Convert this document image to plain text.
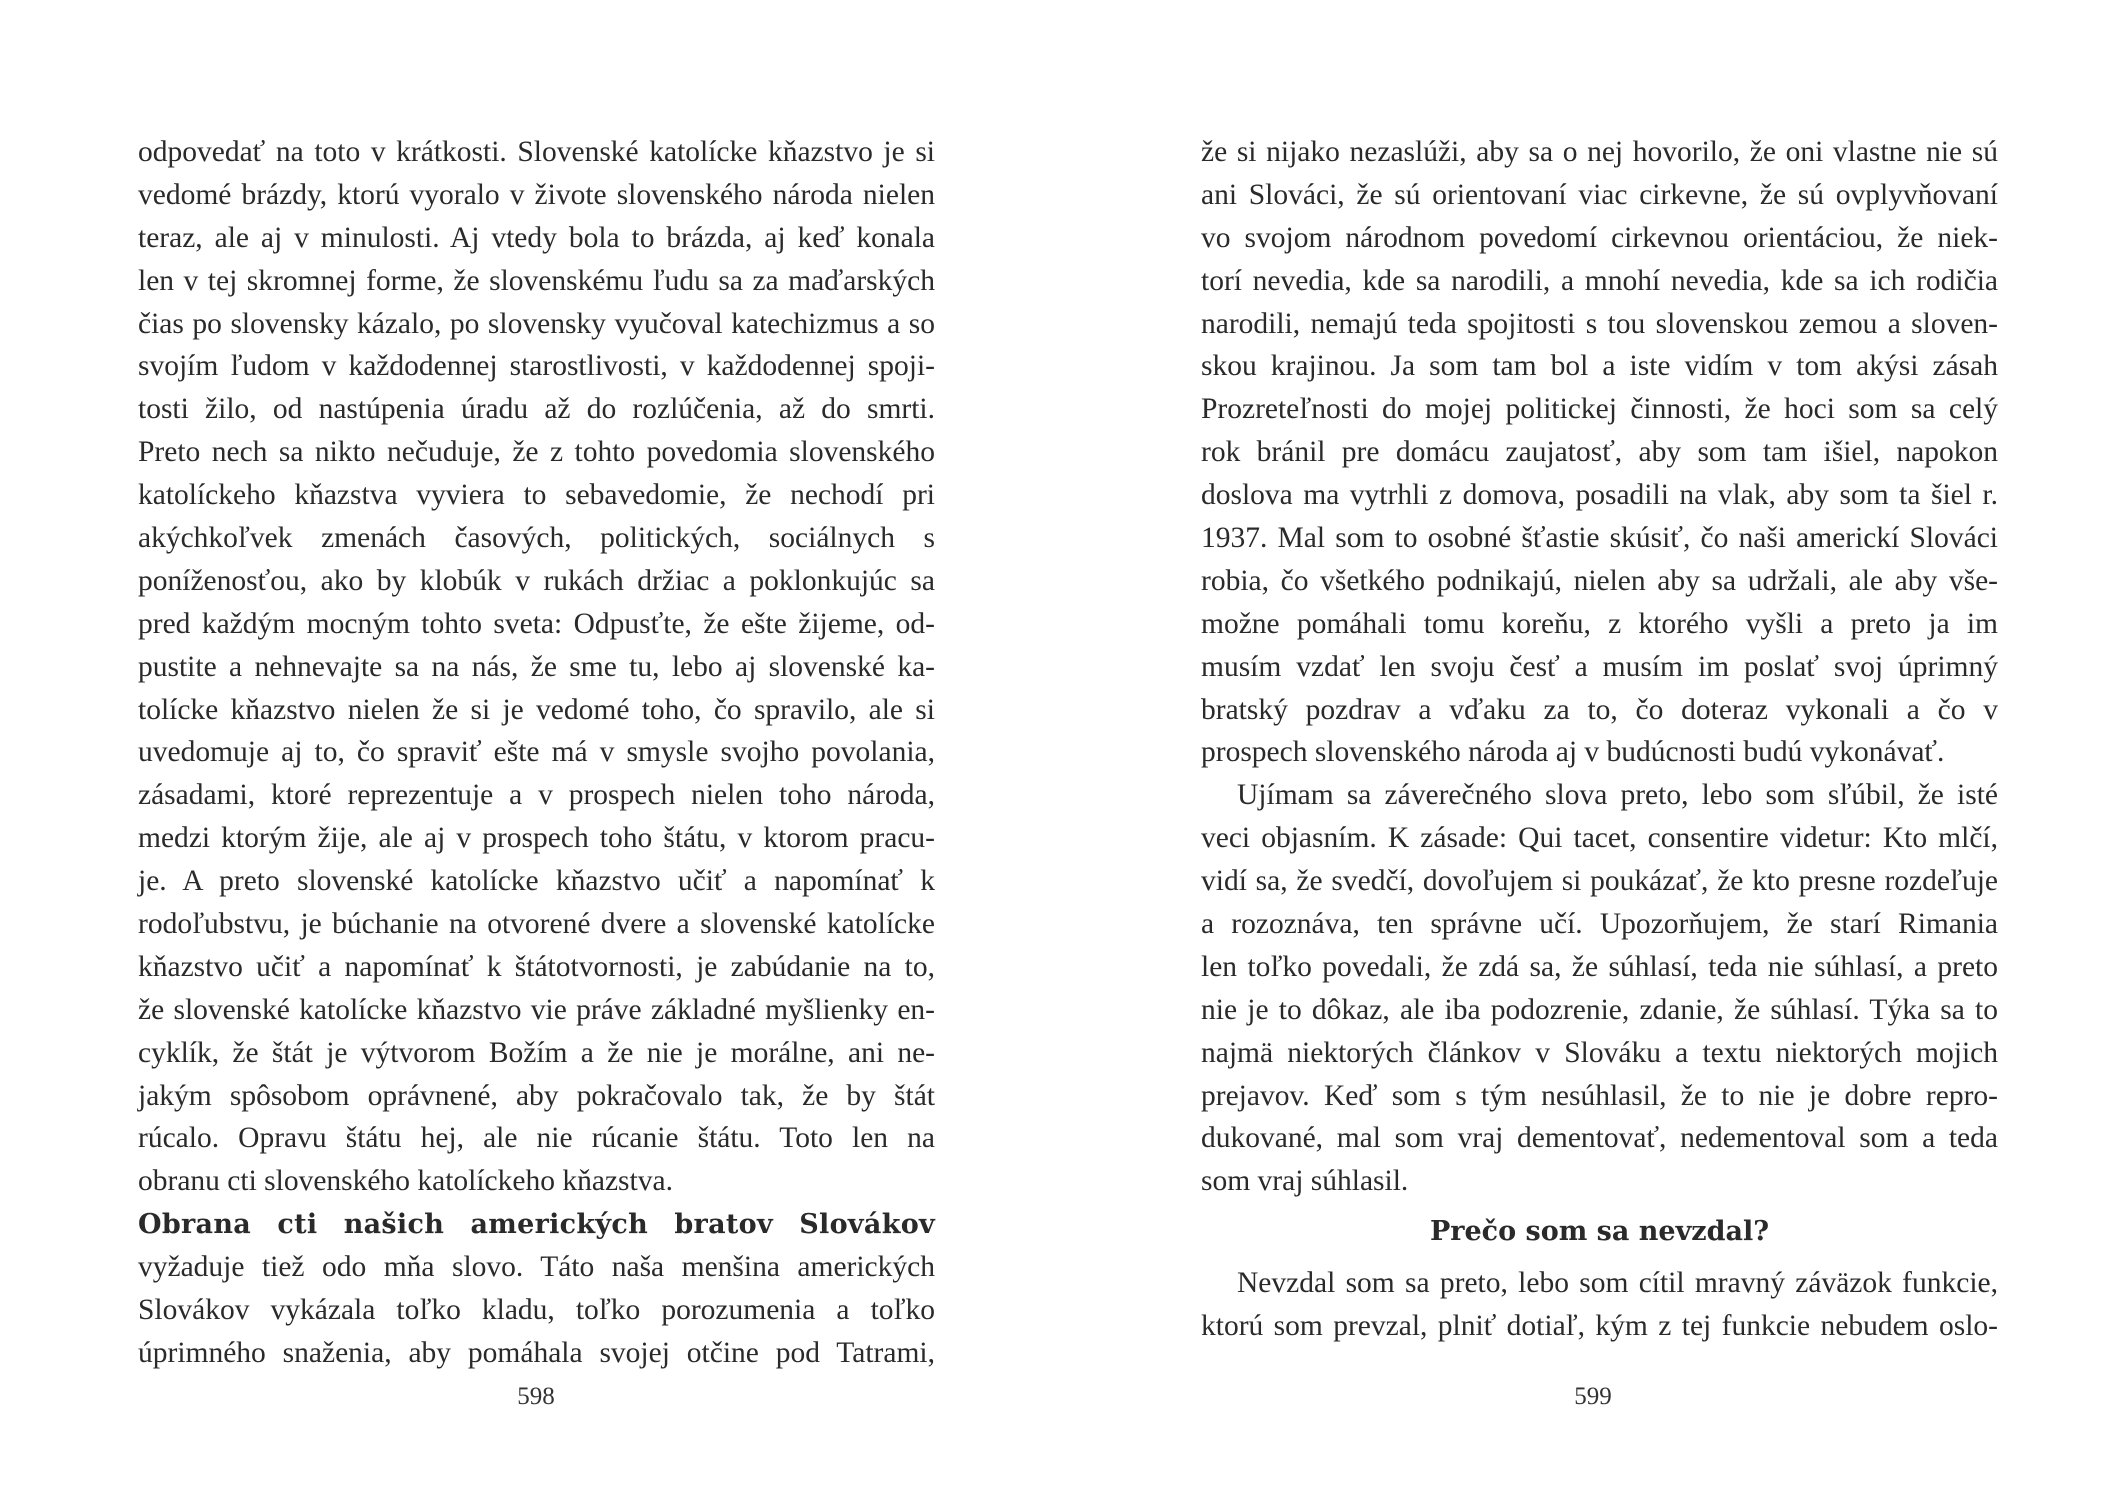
odpovedať na toto v krátkosti. Slovenské katolícke kňazstvo je si
vedomé brázdy, ktorú vyoralo v živote slovenského národa nielen
teraz, ale aj v minulosti. Aj vtedy bola to brázda, aj keď konala
len v tej skromnej forme, že slovenskému ľudu sa za maďarských
čias po slovensky kázalo, po slovensky vyučoval katechizmus a so
svojím ľudom v každodennej starostlivosti, v každodennej spoji-
tosti žilo, od nastúpenia úradu až do rozlúčenia, až do smrti.
Preto nech sa nikto nečuduje, že z tohto povedomia slovenského
katolíckeho kňazstva vyviera to sebavedomie, že nechodí pri
akýchkoľvek zmenách časových, politických, sociálnych s
poníženosťou, ako by klobúk v rukách držiac a poklonkujúc sa
pred každým mocným tohto sveta: Odpusťte, že ešte žijeme, od-
pustite a nehnevajte sa na nás, že sme tu, lebo aj slovenské ka-
tolícke kňazstvo nielen že si je vedomé toho, čo spravilo, ale si
uvedomuje aj to, čo spraviť ešte má v smysle svojho povolania,
zásadami, ktoré reprezentuje a v prospech nielen toho národa,
medzi ktorým žije, ale aj v prospech toho štátu, v ktorom pracu-
je. A preto slovenské katolícke kňazstvo učiť a napomínať k
rodoľubstvu, je búchanie na otvorené dvere a slovenské katolícke
kňazstvo učiť a napomínať k štátotvornosti, je zabúdanie na to,
že slovenské katolícke kňazstvo vie práve základné myšlienky en-
cyklík, že štát je výtvorom Božím a že nie je morálne, ani ne-
jakým spôsobom oprávnené, aby pokračovalo tak, že by štát
rúcalo. Opravu štátu hej, ale nie rúcanie štátu. Toto len na
obranu cti slovenského katolíckeho kňazstva.
Obrana cti našich amerických bratov Slovákov
vyžaduje tiež odo mňa slovo. Táto naša menšina amerických
Slovákov vykázala toľko kladu, toľko porozumenia a toľko
úprimného snaženia, aby pomáhala svojej otčine pod Tatrami,
598
že si nijako nezaslúži, aby sa o nej hovorilo, že oni vlastne nie sú
ani Slováci, že sú orientovaní viac cirkevne, že sú ovplyvňovaní
vo svojom národnom povedomí cirkevnou orientáciou, že niek-
torí nevedia, kde sa narodili, a mnohí nevedia, kde sa ich rodičia
narodili, nemajú teda spojitosti s tou slovenskou zemou a sloven-
skou krajinou. Ja som tam bol a iste vidím v tom akýsi zásah
Prozreteľnosti do mojej politickej činnosti, že hoci som sa celý
rok bránil pre domácu zaujatosť, aby som tam išiel, napokon
doslova ma vytrhli z domova, posadili na vlak, aby som ta šiel r.
1937. Mal som to osobné šťastie skúsiť, čo naši americkí Slováci
robia, čo všetkého podnikajú, nielen aby sa udržali, ale aby vše-
možne pomáhali tomu koreňu, z ktorého vyšli a preto ja im
musím vzdať len svoju česť a musím im poslať svoj úprimný
bratský pozdrav a vďaku za to, čo doteraz vykonali a čo v
prospech slovenského národa aj v budúcnosti budú vykonávať.
Ujímam sa záverečného slova preto, lebo som sľúbil, že isté
veci objasním. K zásade: Qui tacet, consentire videtur: Kto mlčí,
vidí sa, že svedčí, dovoľujem si poukázať, že kto presne rozdeľuje
a rozoznáva, ten správne učí. Upozorňujem, že starí Rimania
len toľko povedali, že zdá sa, že súhlasí, teda nie súhlasí, a preto
nie je to dôkaz, ale iba podozrenie, zdanie, že súhlasí. Týka sa to
najmä niektorých článkov v Slováku a textu niektorých mojich
prejavov. Keď som s tým nesúhlasil, že to nie je dobre repro-
dukované, mal som vraj dementovať, nedementoval som a teda
som vraj súhlasil.
Prečo som sa nevzdal?
Nevzdal som sa preto, lebo som cítil mravný záväzok funkcie,
ktorú som prevzal, plniť dotiaľ, kým z tej funkcie nebudem oslo-
599
